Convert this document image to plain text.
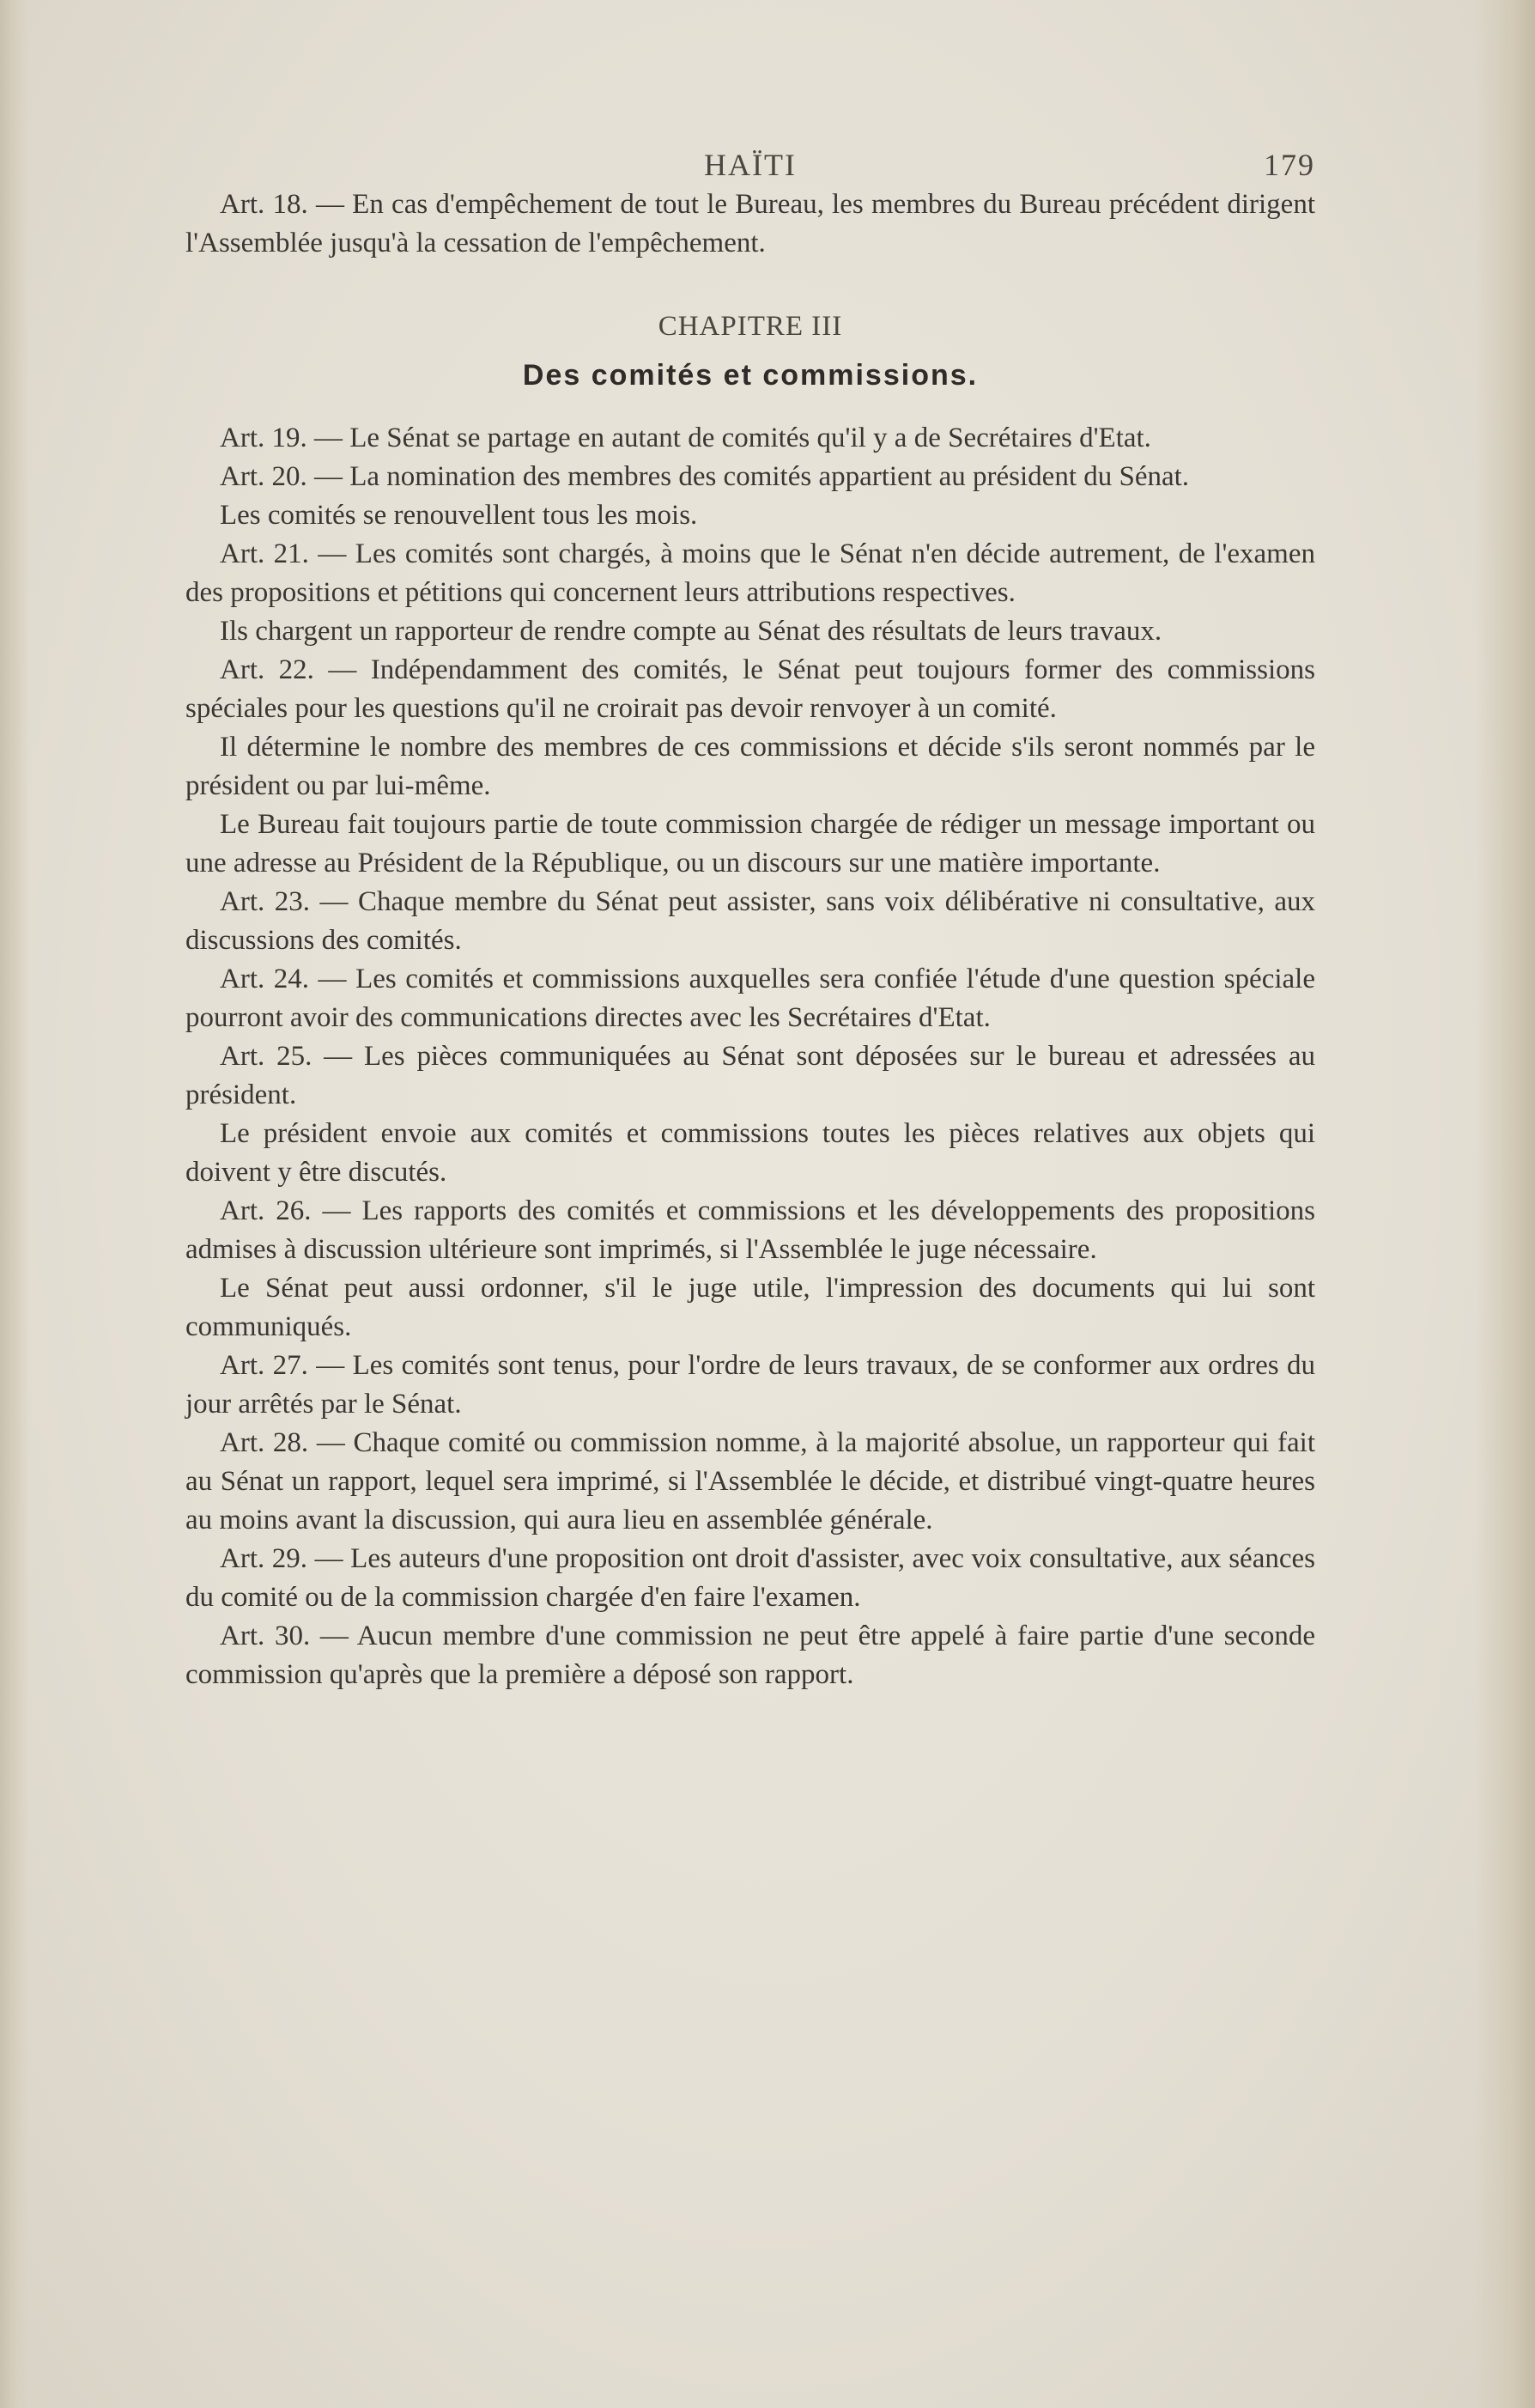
HAÏTI	179

Art. 18. — En cas d'empêchement de tout le Bureau, les membres du Bureau précédent dirigent l'Assemblée jusqu'à la cessation de l'empêchement.

CHAPITRE III
Des comités et commissions.

Art. 19. — Le Sénat se partage en autant de comités qu'il y a de Secrétaires d'Etat.

Art. 20. — La nomination des membres des comités appartient au président du Sénat.

Les comités se renouvellent tous les mois.

Art. 21. — Les comités sont chargés, à moins que le Sénat n'en décide autrement, de l'examen des propositions et pétitions qui concernent leurs attributions respectives.

Ils chargent un rapporteur de rendre compte au Sénat des résultats de leurs travaux.

Art. 22. — Indépendamment des comités, le Sénat peut toujours former des commissions spéciales pour les questions qu'il ne croirait pas devoir renvoyer à un comité.

Il détermine le nombre des membres de ces commissions et décide s'ils seront nommés par le président ou par lui-même.

Le Bureau fait toujours partie de toute commission chargée de rédiger un message important ou une adresse au Président de la République, ou un discours sur une matière importante.

Art. 23. — Chaque membre du Sénat peut assister, sans voix délibérative ni consultative, aux discussions des comités.

Art. 24. — Les comités et commissions auxquelles sera confiée l'étude d'une question spéciale pourront avoir des communications directes avec les Secrétaires d'Etat.

Art. 25. — Les pièces communiquées au Sénat sont déposées sur le bureau et adressées au président.

Le président envoie aux comités et commissions toutes les pièces relatives aux objets qui doivent y être discutés.

Art. 26. — Les rapports des comités et commissions et les développements des propositions admises à discussion ultérieure sont imprimés, si l'Assemblée le juge nécessaire.

Le Sénat peut aussi ordonner, s'il le juge utile, l'impression des documents qui lui sont communiqués.

Art. 27. — Les comités sont tenus, pour l'ordre de leurs travaux, de se conformer aux ordres du jour arrêtés par le Sénat.

Art. 28. — Chaque comité ou commission nomme, à la majorité absolue, un rapporteur qui fait au Sénat un rapport, lequel sera imprimé, si l'Assemblée le décide, et distribué vingt-quatre heures au moins avant la discussion, qui aura lieu en assemblée générale.

Art. 29. — Les auteurs d'une proposition ont droit d'assister, avec voix consultative, aux séances du comité ou de la commission chargée d'en faire l'examen.

Art. 30. — Aucun membre d'une commission ne peut être appelé à faire partie d'une seconde commission qu'après que la première a déposé son rapport.
